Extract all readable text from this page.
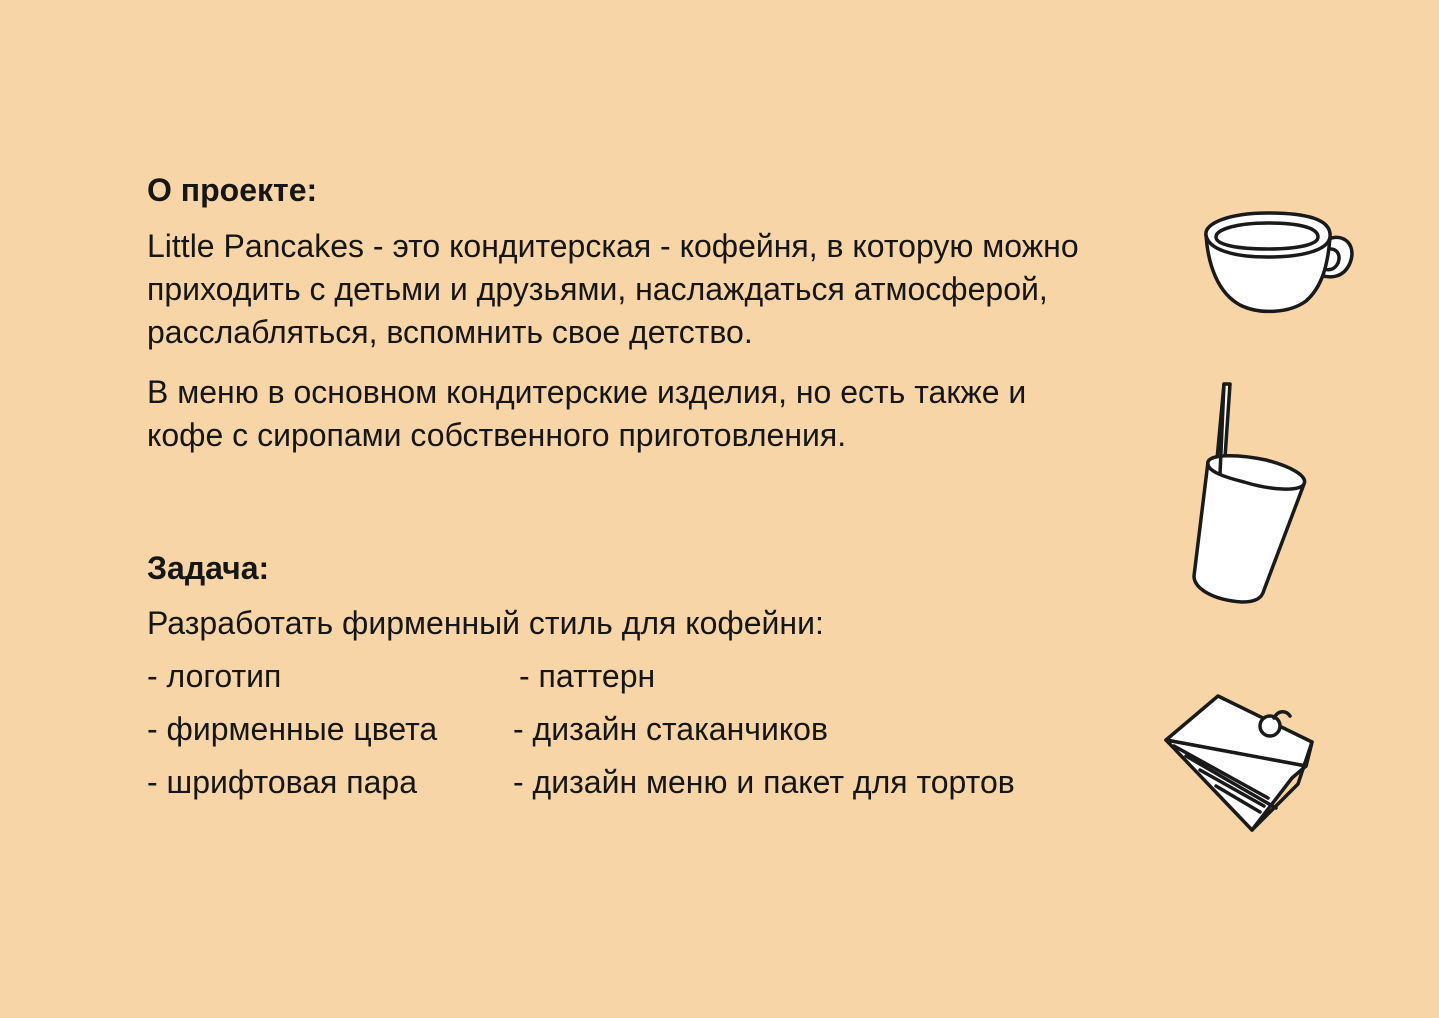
О проекте:

Little Pancakes - это кондитерская - кофейня, в которую можно приходить с детьми и друзьями, наслаждаться атмосферой, расслабляться, вспомнить свое детство.

В меню в основном кондитерские изделия, но есть также и кофе с сиропами собственного приготовления.

Задача:

Разработать фирменный стиль для кофейни:

- логотип	- паттерн
- фирменные цвета	- дизайн стаканчиков
- шрифтовая пара	- дизайн меню и пакет для тортов
